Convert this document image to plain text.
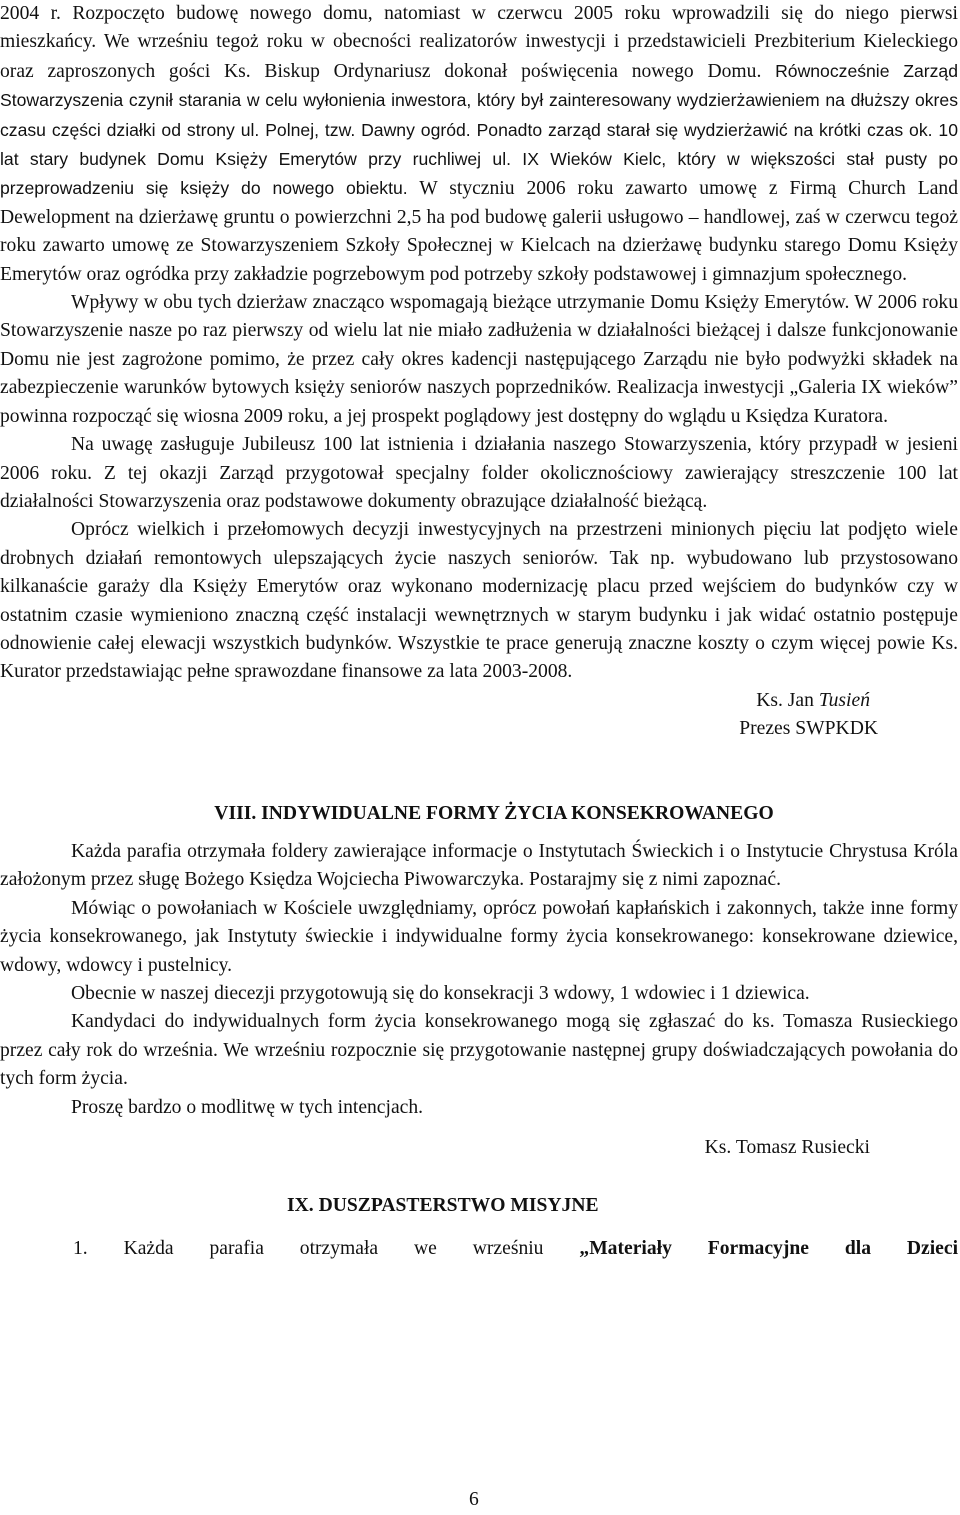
2004 r. Rozpoczęto budowę nowego domu, natomiast w czerwcu 2005 roku wprowadzili się do niego pierwsi mieszkańcy. We wrześniu tegoż roku w obecności realizatorów inwestycji i przedstawicieli Prezbiterium Kieleckiego oraz zaproszonych gości Ks. Biskup Ordynariusz dokonał poświęcenia nowego Domu. Równocześnie Zarząd Stowarzyszenia czynił starania w celu wyłonienia inwestora, który był zainteresowany wydzierżawieniem na dłuższy okres czasu części działki od strony ul. Polnej, tzw. Dawny ogród. Ponadto zarząd starał się wydzierżawić na krótki czas ok. 10 lat stary budynek Domu Księży Emerytów przy ruchliwej ul. IX Wieków Kielc, który w większości stał pusty po przeprowadzeniu się księży do nowego obiektu. W styczniu 2006 roku zawarto umowę z Firmą Church Land Dewelopment na dzierżawę gruntu o powierzchni 2,5 ha pod budowę galerii usługowo – handlowej, zaś w czerwcu tegoż roku zawarto umowę ze Stowarzyszeniem Szkoły Społecznej w Kielcach na dzierżawę budynku starego Domu Księży Emerytów oraz ogródka przy zakładzie pogrzebowym pod potrzeby szkoły podstawowej i gimnazjum społecznego.

Wpływy w obu tych dzierżaw znacząco wspomagają bieżące utrzymanie Domu Księży Emerytów. W 2006 roku Stowarzyszenie nasze po raz pierwszy od wielu lat nie miało zadłużenia w działalności bieżącej i dalsze funkcjonowanie Domu nie jest zagrożone pomimo, że przez cały okres kadencji następującego Zarządu nie było podwyżki składek na zabezpieczenie warunków bytowych księży seniorów naszych poprzedników. Realizacja inwestycji „Galeria IX wieków” powinna rozpocząć się wiosna 2009 roku, a jej prospekt poglądowy jest dostępny do wglądu u Księdza Kuratora.

Na uwagę zasługuje Jubileusz 100 lat istnienia i działania naszego Stowarzyszenia, który przypadł w jesieni 2006 roku. Z tej okazji Zarząd przygotował specjalny folder okolicznościowy zawierający streszczenie 100 lat działalności Stowarzyszenia oraz podstawowe dokumenty obrazujące działalność bieżącą.

Oprócz wielkich i przełomowych decyzji inwestycyjnych na przestrzeni minionych pięciu lat podjęto wiele drobnych działań remontowych ulepszających życie naszych seniorów. Tak np. wybudowano lub przystosowano kilkanaście garaży dla Księży Emerytów oraz wykonano modernizację placu przed wejściem do budynków czy w ostatnim czasie wymieniono znaczną część instalacji wewnętrznych w starym budynku i jak widać ostatnio postępuje odnowienie całej elewacji wszystkich budynków. Wszystkie te prace generują znaczne koszty o czym więcej powie Ks. Kurator przedstawiając pełne sprawozdane finansowe za lata 2003-2008.

Ks. Jan Tusień

Prezes SWPKDK

VIII. INDYWIDUALNE FORMY ŻYCIA KONSEKROWANEGO

Każda parafia otrzymała foldery zawierające informacje o Instytutach Świeckich i o Instytucie Chrystusa Króla założonym przez sługę Bożego Księdza Wojciecha Piwowarczyka. Postarajmy się z nimi zapoznać.

Mówiąc o powołaniach w Kościele uwzględniamy, oprócz powołań kapłańskich i zakonnych, także inne formy życia konsekrowanego, jak Instytuty świeckie i indywidualne formy życia konsekrowanego: konsekrowane dziewice, wdowy, wdowcy i pustelnicy.

Obecnie w naszej diecezji przygotowują się do konsekracji 3 wdowy, 1 wdowiec i 1 dziewica.

Kandydaci do indywidualnych form życia konsekrowanego mogą się zgłaszać do ks. Tomasza Rusieckiego przez cały rok do września. We wrześniu rozpocznie się przygotowanie następnej grupy doświadczających powołania do tych form życia.

Proszę bardzo o modlitwę w tych intencjach.

Ks. Tomasz Rusiecki

IX. DUSZPASTERSTWO MISYJNE

1. Każda parafia otrzymała we wrześniu „Materiały Formacyjne dla Dzieci

6
